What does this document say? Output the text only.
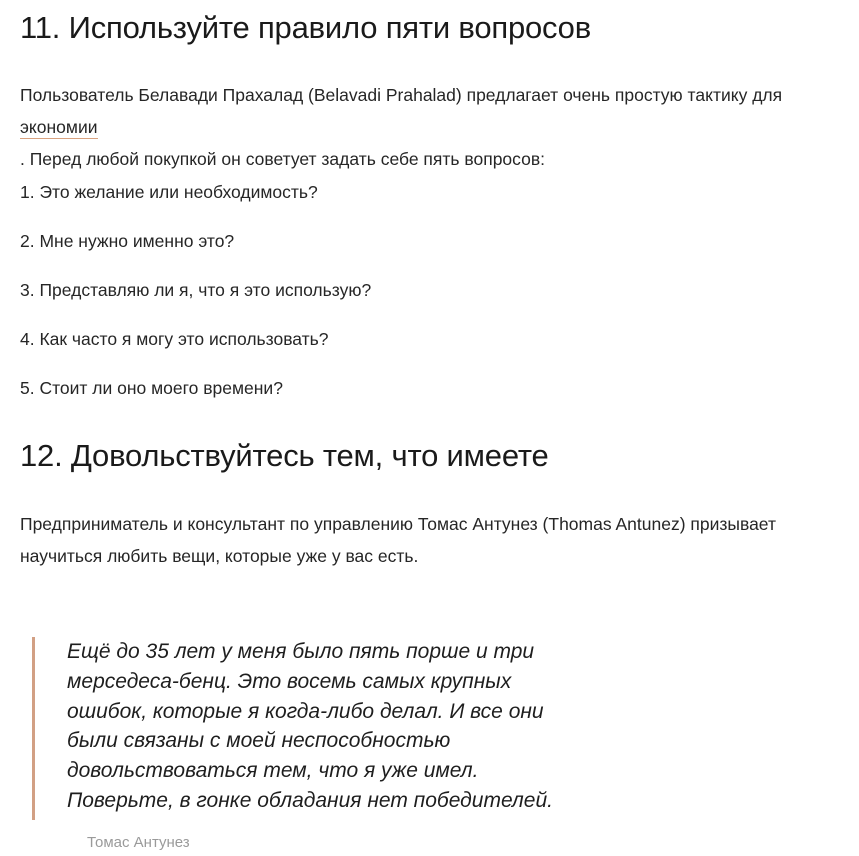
11. Используйте правило пяти вопросов

Пользователь Белавади Прахалад (Belavadi Prahalad) предлагает очень простую тактику для экономии
. Перед любой покупкой он советует задать себе пять вопросов:

1. Это желание или необходимость?
2. Мне нужно именно это?
3. Представляю ли я, что я это использую?
4. Как часто я могу это использовать?
5. Стоит ли оно моего времени?
12. Довольствуйтесь тем, что имеете

Предприниматель и консультант по управлению Томас Антунез (Thomas Antunez) призывает научиться любить вещи, которые уже у вас есть.

Ещё до 35 лет у меня было пять порше и три
мерседеса-бенц. Это восемь самых крупных
ошибок, которые я когда-либо делал. И все они
были связаны с моей неспособностью
довольствоваться тем, что я уже имел.
Поверьте, в гонке обладания нет победителей.

Томас Антунез
